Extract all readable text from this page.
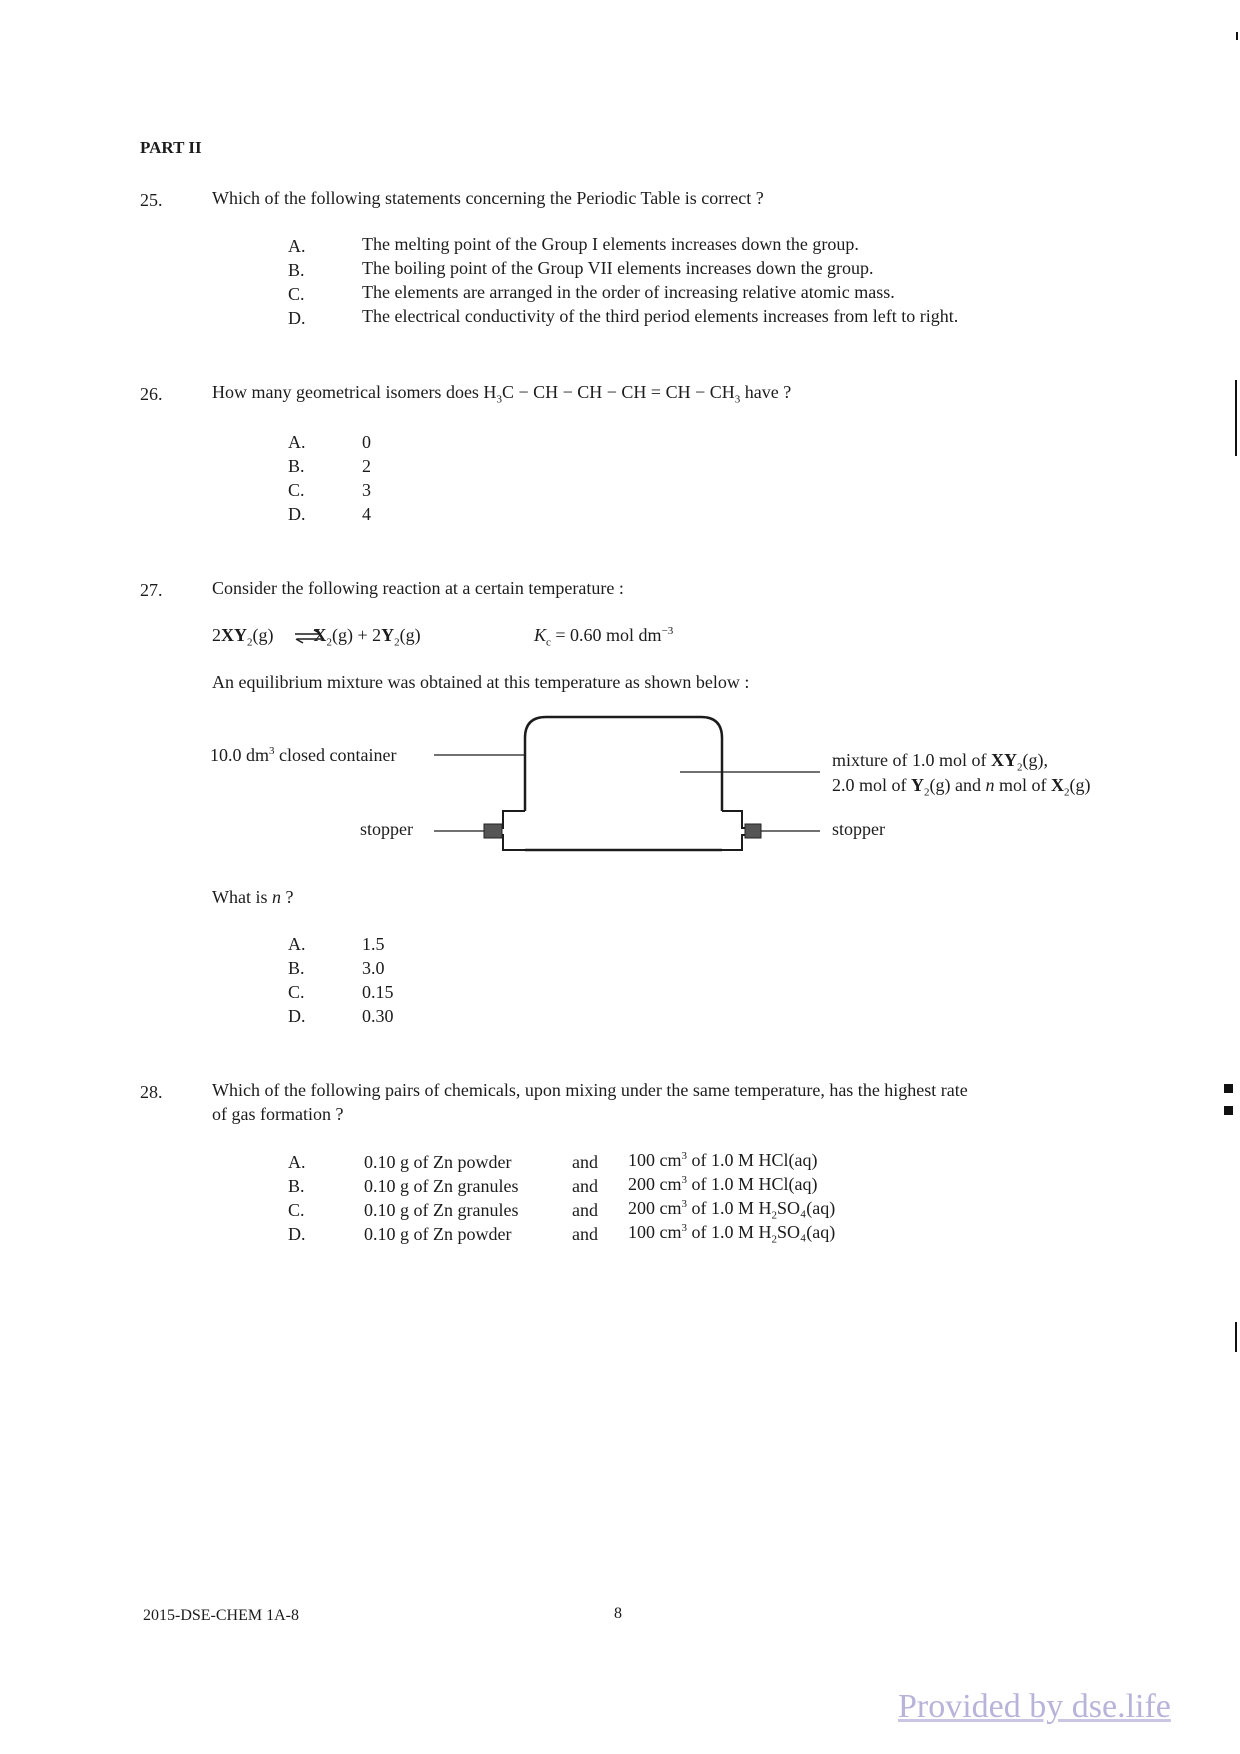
PART II
25.	Which of the following statements concerning the Periodic Table is correct ?
A.	The melting point of the Group I elements increases down the group.
B.	The boiling point of the Group VII elements increases down the group.
C.	The elements are arranged in the order of increasing relative atomic mass.
D.	The electrical conductivity of the third period elements increases from left to right.
26.	How many geometrical isomers does $H_3C$ − CH − CH − CH = CH − $CH_3$ have ?
A.	0
B.	2
C.	3
D.	4
27.	Consider the following reaction at a certain temperature :
$2XY_2(g) X_2(g) + 2Y_2(g)$	$K_c = 0.60$ mol $dm^{-3}$
An equilibrium mixture was obtained at this temperature as shown below :
10.0 $dm^3$ closed container
stopper	stopper
mixture of 1.0 mol of $XY_2(g)$,
2.0 mol of $Y_2(g)$ and n mol of $X_2(g)$
What is n ?
A.	1.5
B.	3.0
C.	0.15
D.	0.30
28.	Which of the following pairs of chemicals, upon mixing under the same temperature, has the highest rate
of gas formation ?
A.	0.10 g of Zn powder	and 100 $cm^3$ of 1.0 M HCl(aq)
B.	0.10 g of Zn granules	and 200 $cm^3$ of 1.0 M HCl(aq)
C.	0.10 g of Zn granules	and 200 $cm^3$ of 1.0 M $H_2SO_4(aq)$
D.	0.10 g of Zn powder	and 100 $cm^3$ of 1.0 M $H_2SO_4(aq)$
2015-DSE-CHEM 1A-8	8
Provided by dse.life
